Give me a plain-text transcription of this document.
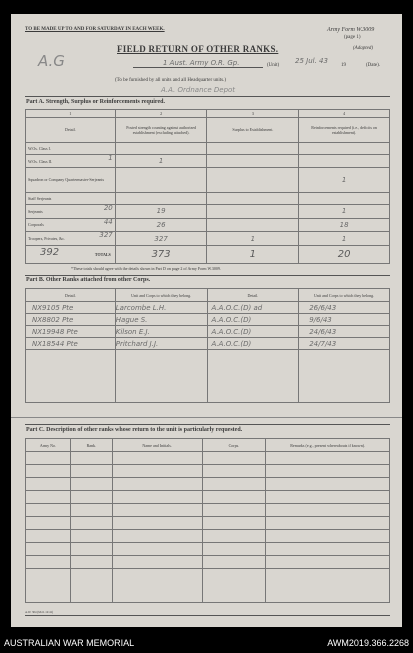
TO BE MADE UP TO AND FOR SATURDAY IN EACH WEEK.	Army Form W.3009
(page 1)
(Adapted)
A.G
FIELD RETURN OF OTHER RANKS.
1 Aust. Army O.R. Gp.	(Unit)
25 Jul. 43
19	(Date).
(To be furnished by all units and all Headquarter units.)
A.A. Ordnance Depot
Part A. Strength, Surplus or Reinforcements required.
1	2	3	4
Detail.	Posted strength counting against authorized establishment (excluding attached).	Surplus to Establishment.	Reinforcements required (i.e., deficits on establishment).
W.Os. Class I.			
W.Os. Class II. 1	1		
Squadron or Company Quartermaster-Serjeants			1
Staff Serjeants			
Serjeants 20	19		1
Corporals 44	26		18
Troopers, Privates, &c. 327	327	1	1

392 TOTALS	373	1	20
*These totals should agree with the details shown in Part D on page 2 of Army Form W.3009.
Part B. Other Ranks attached from other Corps.
Detail.	Unit and Corps to which they belong.	Detail.	Unit and Corps to which they belong.
NX9105 Pte	Larcombe L.H.	A.A.O.C.(D) ad	26/6/43
NX8802 Pte	Hague S.	A.A.O.C.(D)	9/6/43
NX19948 Pte	Kilson E.J.	A.A.O.C.(D)	24/6/43
NX18544 Pte	Pritchard J.J.	A.A.O.C.(D)	24/7/43

Part C. Description of other ranks whose return to the unit is particularly requested.
Army No.	Rank.	Name and Initials.	Corps.	Remarks (e.g., present whereabouts if known).

A.W. 304 (M.O. 12/41)
AUSTRALIAN WAR MEMORIAL	AWM2019.366.2268
